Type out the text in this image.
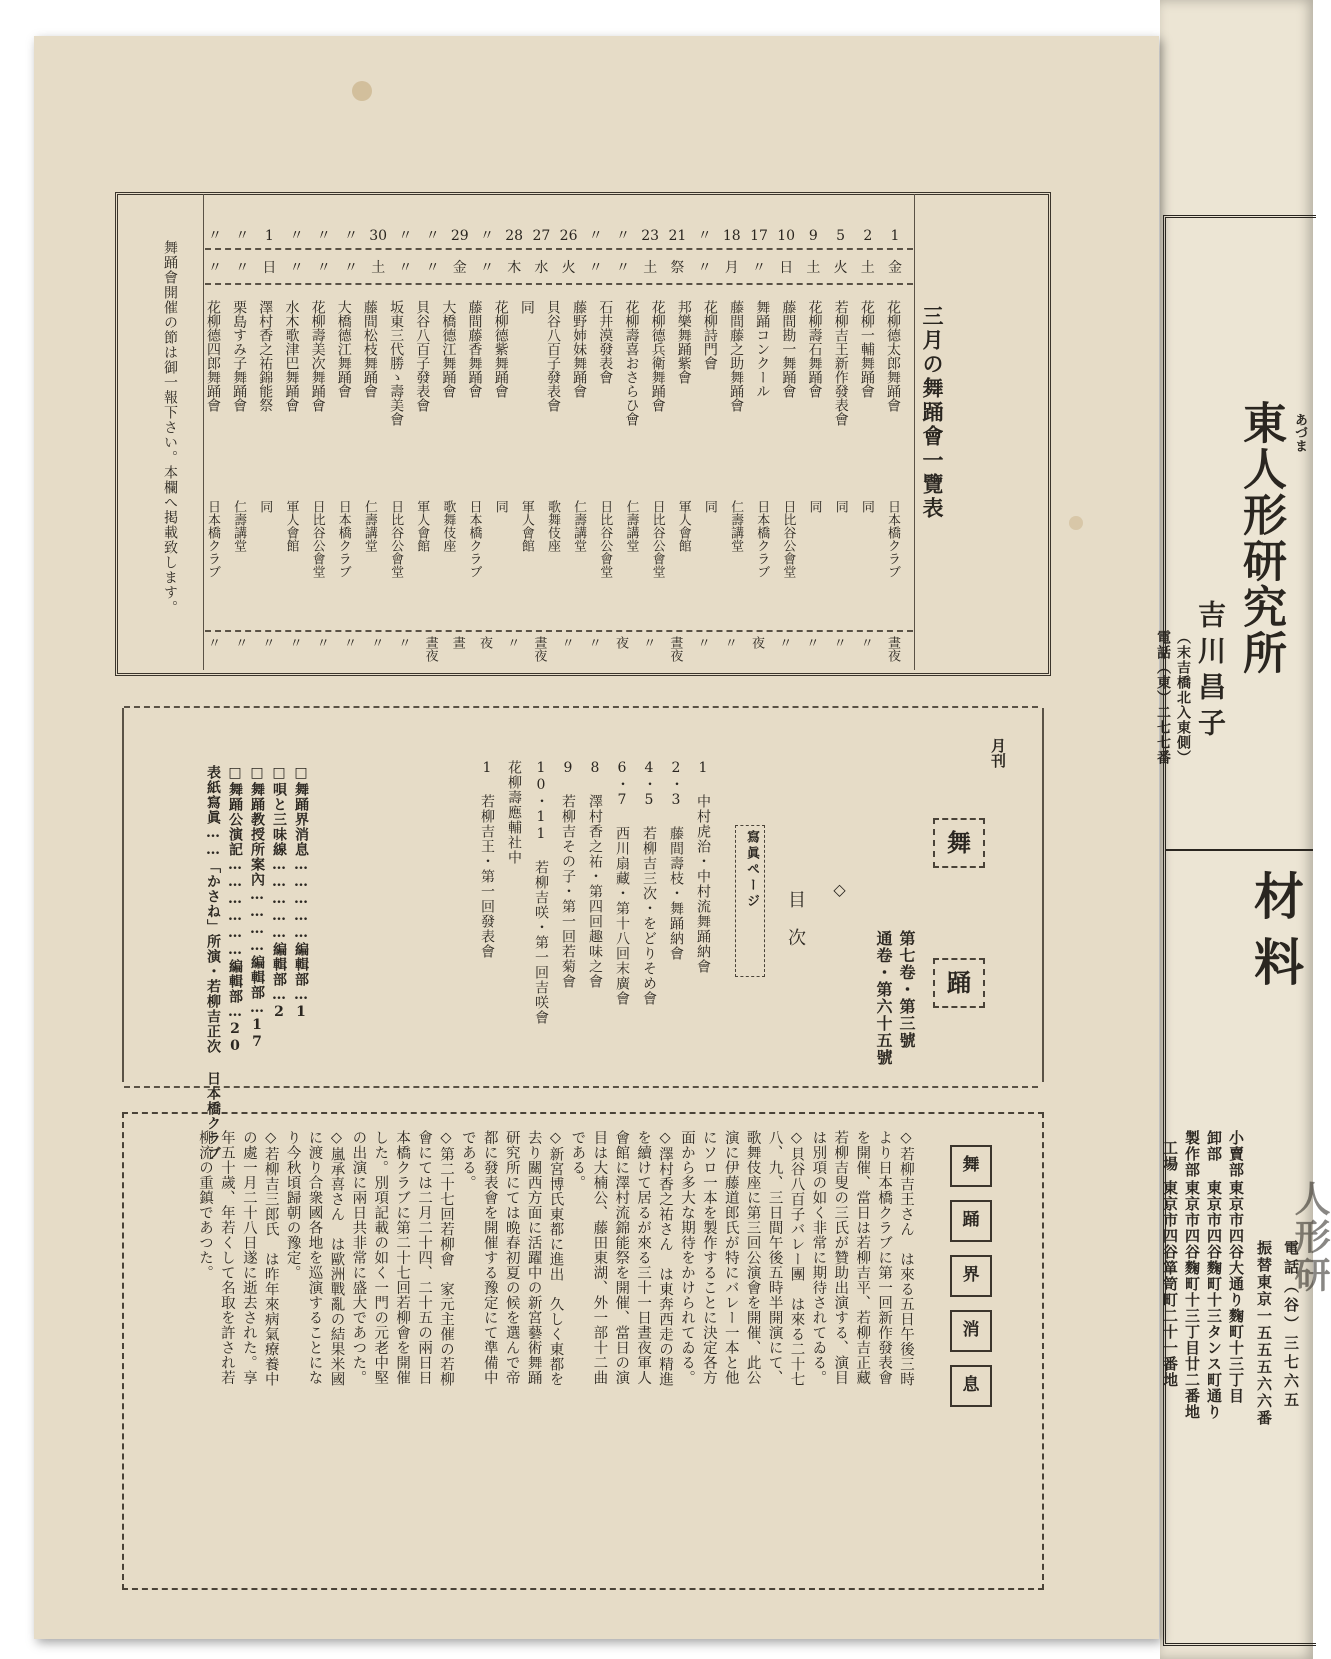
舞踊會開催の節は御一報下さい。本欄へ掲載致します。	三月の舞踊會一覽表
1
金
2
土
5
火
9
土
10
日
17
〃
18
月
〃
〃
21
祭
23
土
〃
〃
〃
〃
26
火
27
水
28
木
〃
〃
29
金
〃
〃
〃
〃
30
土
〃
〃
〃
〃
〃
〃
1
日
〃
〃
〃
〃
花柳德太郎舞踊會
花柳一輔舞踊會
若柳吉王新作發表會
花柳壽石舞踊會
藤間勘一舞踊會
舞踊コンクール
藤間藤之助舞踊會
花柳詩門會
邦樂舞踊紫會
花柳德兵衛舞踊會
花柳壽喜おさらひ會
石井漠發表會
藤野姉妹舞踊會
貝谷八百子發表會
同
花柳德紫舞踊會
藤間藤香舞踊會
大橋德江舞踊會
貝谷八百子發表會
坂東三代勝ゝ壽美會
藤間松枝舞踊會
大橋德江舞踊會
花柳壽美次舞踊會
水木歌津巴舞踊會
澤村香之祐錦能祭
栗島すみ子舞踊會
花柳德四郎舞踊會
日本橋クラブ
同
同
同
日比谷公會堂
日本橋クラブ
仁壽講堂
同
軍人會館
日比谷公會堂
仁壽講堂
日比谷公會堂
仁壽講堂
歌舞伎座
軍人會館
同
日本橋クラブ
歌舞伎座
軍人會館
日比谷公會堂
仁壽講堂
日本橋クラブ
日比谷公會堂
軍人會館
同
仁壽講堂
日本橋クラブ
晝夜
〃
〃
〃
〃
夜
〃
〃
晝夜
〃
夜
〃
〃
晝夜
〃
夜
晝
晝夜
〃
〃
〃
〃
〃
〃
〃
〃
月刊
舞
踊
第七卷・第三號
通卷・第六十五號
◇
目次
寫眞ページ
1 中村虎治・中村流舞踊納會
2・3 藤間壽枝・舞踊納會
4・5 若柳吉三次・をどりそめ會
6・7 西川扇藏・第十八回末廣會
8 澤村香之祐・第四回趣味之會
9 若柳吉その子・第一回若菊會
10・11 若柳吉咲・第一回吉咲會
花柳壽應輔社中
1 若柳吉王・第一回發表會
□舞踊界消息……………編輯部…1
□唄と三味線……………編輯部…2
□舞踊教授所案內…………編輯部…17
□舞踊公演記………………編輯部…20
表紙寫眞……「かさね」所演・若柳吉正次 日本橋クラブ
舞
踊
界
消
息
◇若柳吉王さん　は來る五日午後三時
より日本橋クラブに第一回新作發表會
を開催、當日は若柳吉平、若柳吉正藏
若柳吉叟の三氏が贊助出演する、演目
は別項の如く非常に期待されてゐる。
◇貝谷八百子バレー團　は來る二十七
八、九、三日間午後五時半開演にて、
歌舞伎座に第三回公演會を開催、此公
演に伊藤道郎氏が特にバレー一本と他
にソロ一本を製作することに決定各方
面から多大な期待をかけられてゐる。
◇澤村香之祐さん　は東奔西走の精進
を續けて居るが來る三十一日晝夜軍人
會館に澤村流錦能祭を開催、當日の演
目は大楠公、藤田東湖、外一部十二曲
である。
◇新宮博氏東都に進出　久しく東都を
去り關西方面に活躍中の新宮藝術舞踊
研究所にては晩春初夏の候を選んで帝
都に發表會を開催する豫定にて準備中
である。
◇第二十七回若柳會　家元主催の若柳
會にては二月二十四、二十五の兩日日
本橋クラブに第二十七回若柳會を開催
した。別項記載の如く一門の元老中堅
の出演に兩日共非常に盛大であつた。
◇嵐承喜さん　は歐洲戰亂の結果米國
に渡り合衆國各地を巡演することにな
り今秋頃歸朝の豫定。
◇若柳吉三郎氏　は昨年來病氣療養中
の處一月二十八日遂に逝去された。享
年五十歲、年若くして名取を許され若
柳流の重鎮であつた。
あづま
東人形研究所
吉川昌子
（末吉橋北入東側）
電話（東）二七七番
材料
電話（谷）三七六五
振替東京一五五五六六番
小賣部
東京市四谷大通り麴町十三丁目
卸部
東京市四谷麴町十三タンス町通り
製作部
東京市四谷麴町十三丁目廿二番地
工場
東京市四谷箪笥町二十一番地	人形研
